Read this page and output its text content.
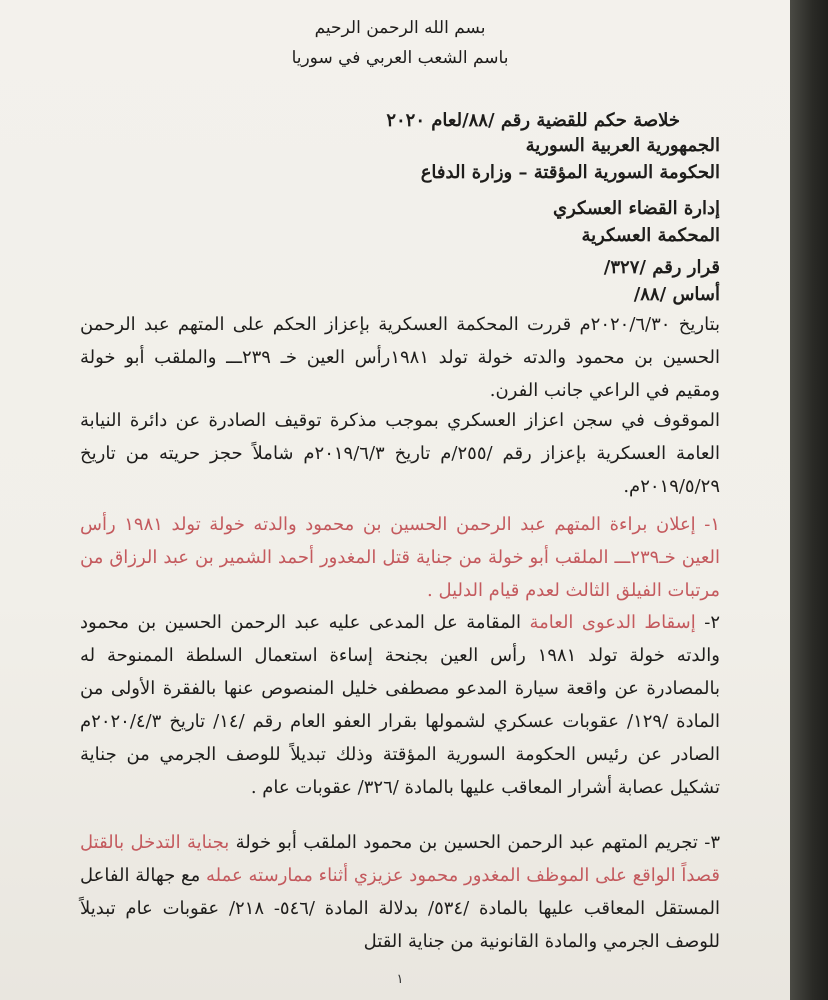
بسم الله الرحمن الرحيم
باسم الشعب العربي في سوريا
خلاصة حكم للقضية رقم /٨٨/لعام ٢٠٢٠
الجمهورية العربية السورية
الحكومة السورية المؤقتة – وزارة الدفاع
إدارة القضاء العسكري
المحكمة العسكرية
قرار رقم /٣٢٧/
أساس /٨٨/
بتاريخ ٢٠٢٠/٦/٣٠م قررت المحكمة العسكرية بإعزاز الحكم على المتهم عبد الرحمن الحسين بن محمود والدته خولة تولد ١٩٨١رأس العين خـ ٢٣٩ـــ والملقب أبو خولة ومقيم في الراعي جانب الفرن.
الموقوف في سجن اعزاز العسكري بموجب مذكرة توقيف الصادرة عن دائرة النيابة العامة العسكرية بإعزاز رقم /٢٥٥/م تاريخ ٢٠١٩/٦/٣م شاملاً حجز حريته من تاريخ ٢٠١٩/٥/٢٩م.
١- إعلان براءة المتهم عبد الرحمن الحسين بن محمود والدته خولة تولد ١٩٨١ رأس العين خـ٢٣٩ـــ الملقب أبو خولة من جناية قتل المغدور أحمد الشمير بن عبد الرزاق من مرتبات الفيلق الثالث لعدم قيام الدليل .
٢- إسقاط الدعوى العامة المقامة عل المدعى عليه عبد الرحمن الحسين بن محمود والدته خولة تولد ١٩٨١ رأس العين بجنحة إساءة استعمال السلطة الممنوحة له بالمصادرة عن واقعة سيارة المدعو مصطفى خليل المنصوص عنها بالفقرة الأولى من المادة /١٢٩/ عقوبات عسكري لشمولها بقرار العفو العام رقم /١٤/ تاريخ ٢٠٢٠/٤/٣م الصادر عن رئيس الحكومة السورية المؤقتة وذلك تبديلاً للوصف الجرمي من جناية تشكيل عصابة أشرار المعاقب عليها بالمادة /٣٢٦/ عقوبات عام .
٣- تجريم المتهم عبد الرحمن الحسين بن محمود الملقب أبو خولة بجناية التدخل بالقتل قصداً الواقع على الموظف المغدور محمود عزيزي أثناء ممارسته عمله مع جهالة الفاعل المستقل المعاقب عليها بالمادة /٥٣٤/ بدلالة المادة /٥٤٦- ٢١٨/ عقوبات عام تبديلاً للوصف الجرمي والمادة القانونية من جناية القتل
١
